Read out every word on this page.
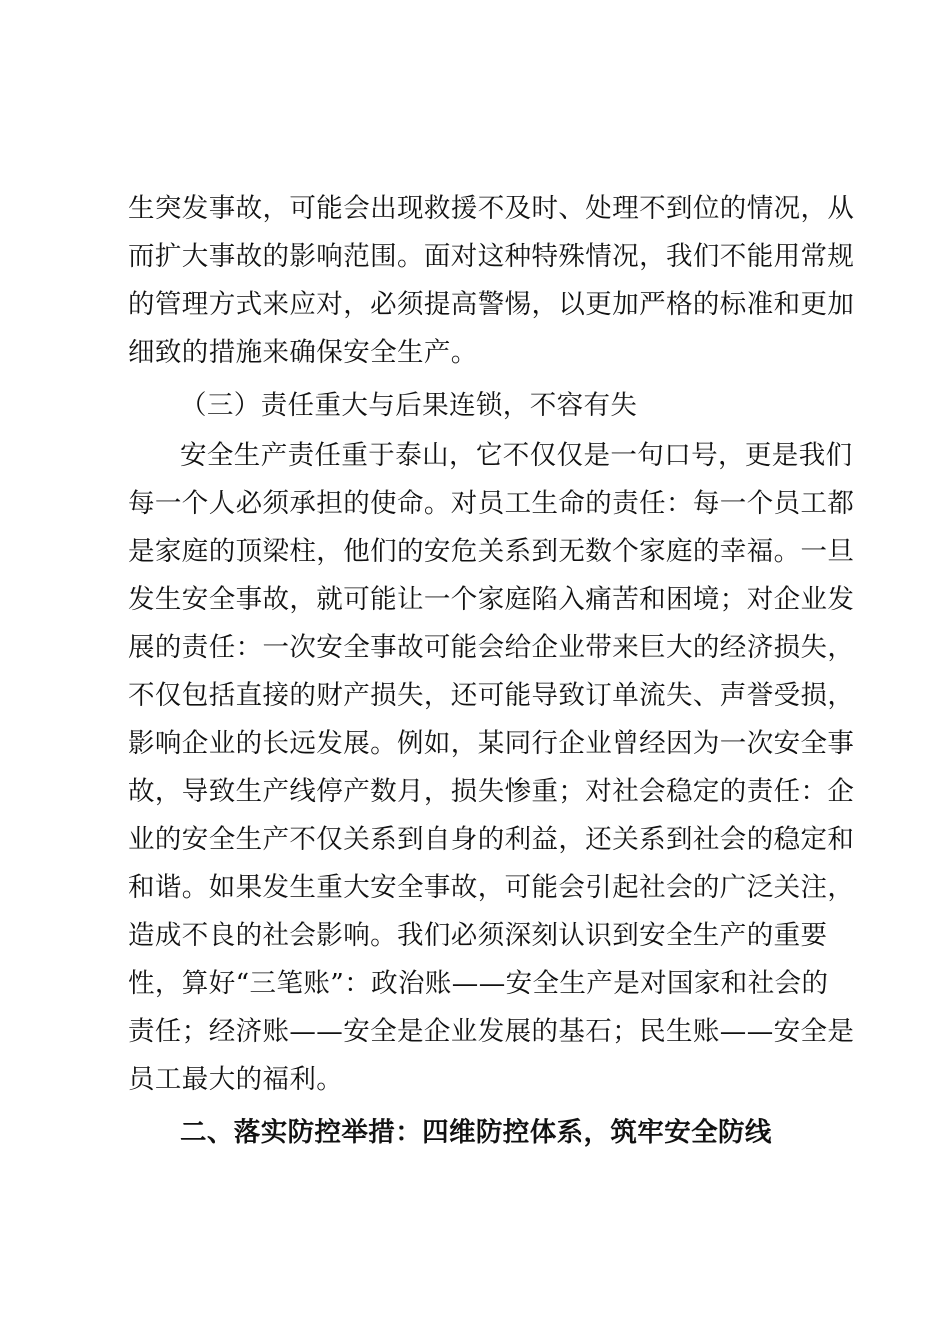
生突发事故，可能会出现救援不及时、处理不到位的情况，从
而扩大事故的影响范围。面对这种特殊情况，我们不能用常规
的管理方式来应对，必须提高警惕，以更加严格的标准和更加
细致的措施来确保安全生产。
（三）责任重大与后果连锁，不容有失
安全生产责任重于泰山，它不仅仅是一句口号，更是我们
每一个人必须承担的使命。对员工生命的责任：每一个员工都
是家庭的顶梁柱，他们的安危关系到无数个家庭的幸福。一旦
发生安全事故，就可能让一个家庭陷入痛苦和困境；对企业发
展的责任：一次安全事故可能会给企业带来巨大的经济损失，
不仅包括直接的财产损失，还可能导致订单流失、声誉受损，
影响企业的长远发展。例如，某同行企业曾经因为一次安全事
故，导致生产线停产数月，损失惨重；对社会稳定的责任：企
业的安全生产不仅关系到自身的利益，还关系到社会的稳定和
和谐。如果发生重大安全事故，可能会引起社会的广泛关注，
造成不良的社会影响。我们必须深刻认识到安全生产的重要
性，算好“三笔账”：政治账——安全生产是对国家和社会的
责任；经济账——安全是企业发展的基石；民生账——安全是
员工最大的福利。
二、落实防控举措：四维防控体系，筑牢安全防线
